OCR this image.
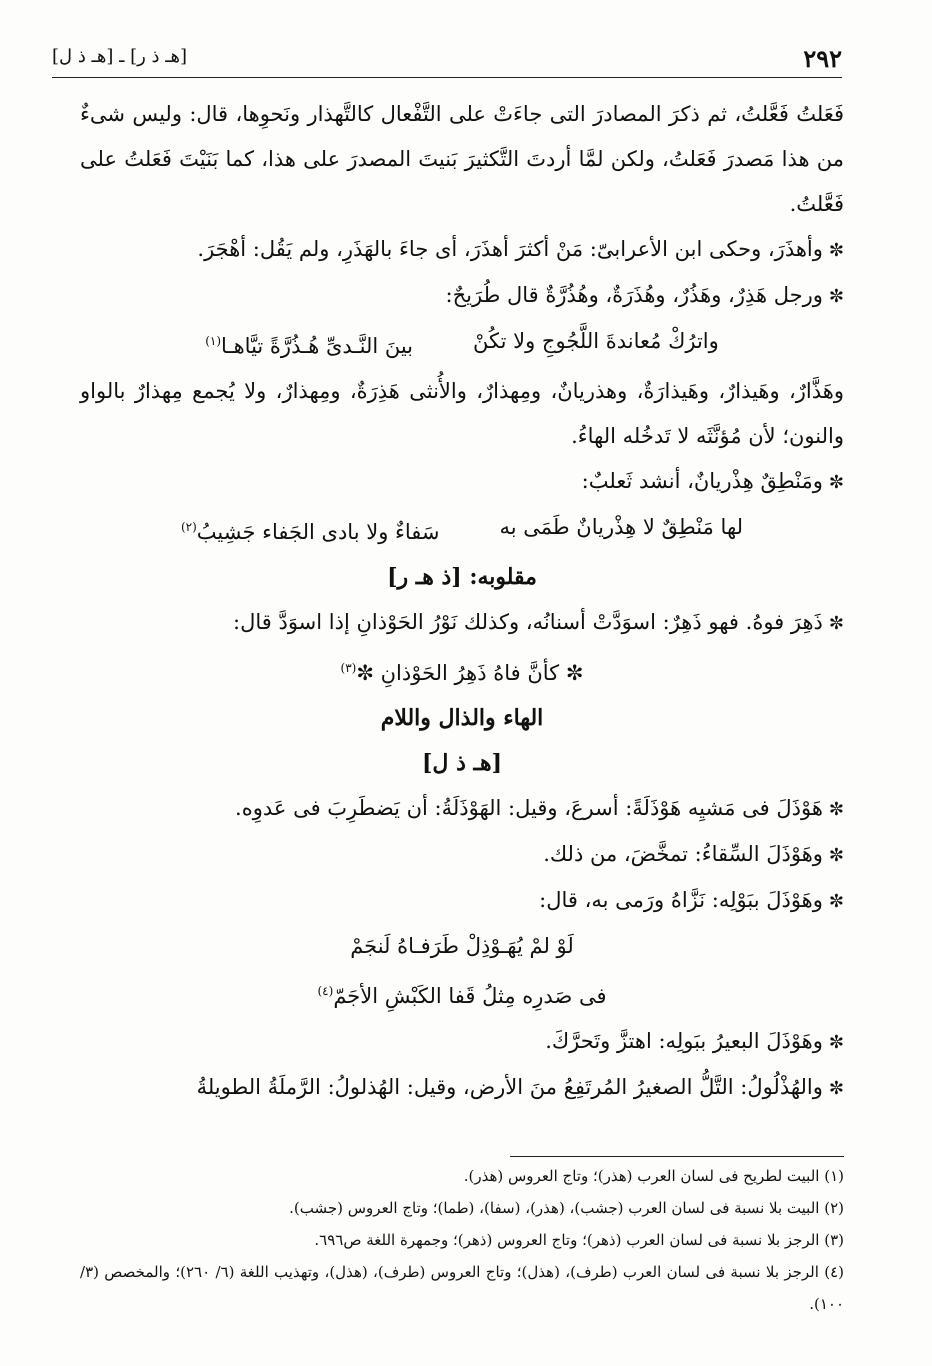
٢٩٢
[هـ ذ ر] ـ [هـ ذ ل]

فَعَلتُ فَعَّلتُ، ثم ذكرَ المصادرَ التى جاءَتْ على التَّفْعال كالتَّهذار ونَحوِها، قال: وليس شىءٌ من هذا مَصدرَ فَعَلتُ، ولكن لمَّا أردتَ التَّكثيرَ بَنيتَ المصدرَ على هذا، كما بَنَيْتَ فَعَلتُ على فَعَّلتُ.

✼ وأهذَرَ، وحكى ابن الأعرابىّ: مَنْ أكثرَ أهذَرَ، أى جاءَ بالهَذَرِ، ولم يَقُل: أهْجَرَ.

✼ ورجل هَذِرٌ، وهَذُرٌ، وهُذَرَةٌ، وهُذُرَّةٌ قال طُرَيحٌ:

واترُكْ مُعاندةَ اللَّجُوجِ ولا تكُنْ
بينَ النَّـدىِّ هُـذُرَّةً تيَّاهـا$^{(١)}$

وهَذَّارٌ، وهَيذارٌ، وهَيذارَةٌ، وهذريانٌ، ومِهذارٌ، والأُنثى هَذِرَةٌ، ومِهذارٌ، ولا يُجمع مِهذارٌ بالواو والنون؛ لأن مُؤنَّثَه لا تَدخُله الهاءُ.

✼ ومَنْطِقٌ هِذْريانٌ، أنشد ثَعلبٌ:

لها مَنْطِقٌ لا هِذْريانٌ طَمَى به
سَفاءٌ ولا بادى الجَفاء جَشِيبُ$^{(٢)}$

مقلوبه: [ذ هـ ر]

✼ ذَهِرَ فوهُ. فهو ذَهِرٌ: اسوَدَّتْ أسنانُه، وكذلك نَوْرُ الحَوْذانِ إذا اسوَدَّ قال:

✼ كأنَّ فاهُ ذَهِرُ الحَوْذانِ ✼$^{(٣)}$

الهاء والذال واللام

[هـ ذ ل]

✼ هَوْذَلَ فى مَشيِه هَوْذَلَةً: أسرعَ، وقيل: الهَوْذَلَةُ: أن يَضطَرِبَ فى عَدوِه.

✼ وهَوْذَلَ السِّقاءُ: تمخَّضَ، من ذلك.

✼ وهَوْذَلَ ببَوْلِه: نَزَّاهُ ورَمى به، قال:

لَوْ لمْ يُهَـوْذِلْ طَرَفـاهُ لَنجَمْ

فى صَدرِه مِثلُ قَفا الكَبْشِ الأجَمّ$^{(٤)}$

✼ وهَوْذَلَ البعيرُ ببَولِه: اهتزَّ وتَحرَّكَ.

✼ والهُذْلُولُ: التَّلُّ الصغيرُ المُرتَفِعُ منَ الأرض، وقيل: الهُذلولُ: الرَّملَةُ الطويلةُ

(١) البيت لطريح فى لسان العرب (هذر)؛ وتاج العروس (هذر).

(٢) البيت بلا نسبة فى لسان العرب (جشب)، (هذر)، (سفا)، (طما)؛ وتاج العروس (جشب).

(٣) الرجز بلا نسبة فى لسان العرب (ذهر)؛ وتاج العروس (ذهر)؛ وجمهرة اللغة ص٦٩٦.

(٤) الرجز بلا نسبة فى لسان العرب (طرف)، (هذل)؛ وتاج العروس (طرف)، (هذل)، وتهذيب اللغة (٦/ ٢٦٠)؛ والمخصص (٣/ ١٠٠).
